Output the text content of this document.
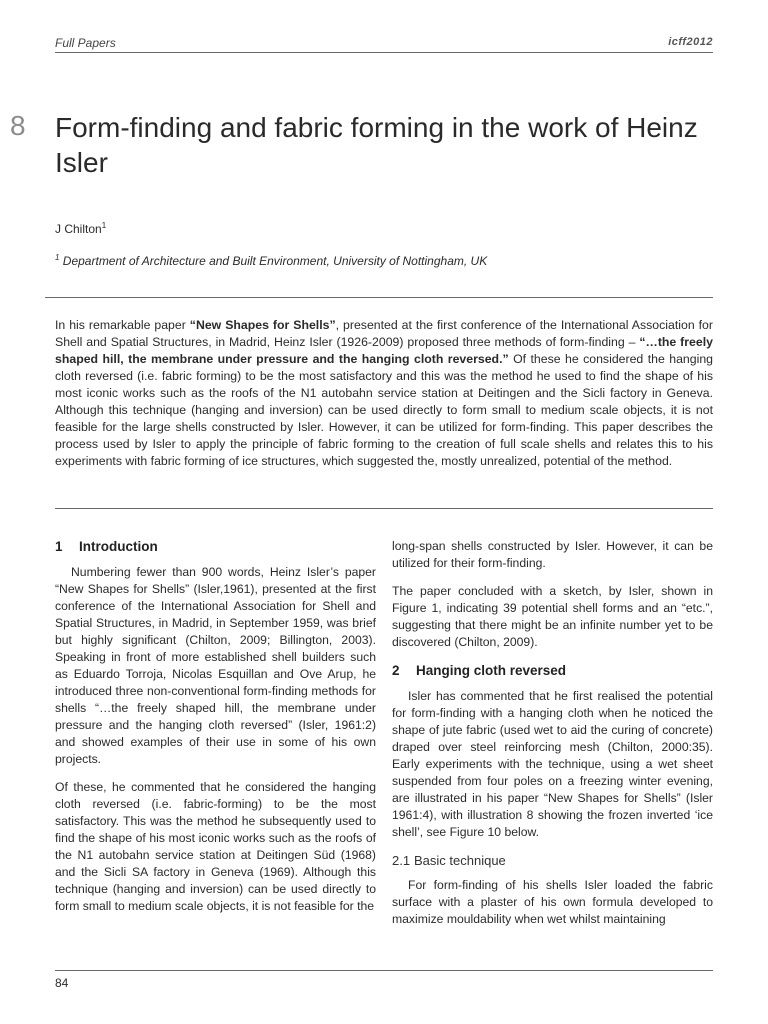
Full Papers	icff2012
8 Form-finding and fabric forming in the work of Heinz Isler
J Chilton$^1$
$^1$ Department of Architecture and Built Environment, University of Nottingham, UK

In his remarkable paper “New Shapes for Shells”, presented at the first conference of the International Association for Shell and Spatial Structures, in Madrid, Heinz Isler (1926-2009) proposed three methods of form-finding – “…the freely shaped hill, the membrane under pressure and the hanging cloth reversed.” Of these he considered the hanging cloth reversed (i.e. fabric forming) to be the most satisfactory and this was the method he used to find the shape of his most iconic works such as the roofs of the N1 autobahn service station at Deitingen and the Sicli factory in Geneva. Although this technique (hanging and inversion) can be used directly to form small to medium scale objects, it is not feasible for the large shells constructed by Isler. However, it can be utilized for form-finding. This paper describes the process used by Isler to apply the principle of fabric forming to the creation of full scale shells and relates this to his experiments with fabric forming of ice structures, which suggested the, mostly unrealized, potential of the method.

1 Introduction

Numbering fewer than 900 words, Heinz Isler’s paper “New Shapes for Shells” (Isler,1961), presented at the first conference of the International Association for Shell and Spatial Structures, in Madrid, in September 1959, was brief but highly significant (Chilton, 2009; Billington, 2003). Speaking in front of more established shell builders such as Eduardo Torroja, Nicolas Esquillan and Ove Arup, he introduced three non-conventional form-finding methods for shells “…the freely shaped hill, the membrane under pressure and the hanging cloth reversed” (Isler, 1961:2) and showed examples of their use in some of his own projects.

Of these, he commented that he considered the hanging cloth reversed (i.e. fabric-forming) to be the most satisfactory. This was the method he subsequently used to find the shape of his most iconic works such as the roofs of the N1 autobahn service station at Deitingen Süd (1968) and the Sicli SA factory in Geneva (1969). Although this technique (hanging and inversion) can be used directly to form small to medium scale objects, it is not feasible for the

long-span shells constructed by Isler. However, it can be utilized for their form-finding.

The paper concluded with a sketch, by Isler, shown in Figure 1, indicating 39 potential shell forms and an “etc.”, suggesting that there might be an infinite number yet to be discovered (Chilton, 2009).

2 Hanging cloth reversed

Isler has commented that he first realised the potential for form-finding with a hanging cloth when he noticed the shape of jute fabric (used wet to aid the curing of concrete) draped over steel reinforcing mesh (Chilton, 2000:35). Early experiments with the technique, using a wet sheet suspended from four poles on a freezing winter evening, are illustrated in his paper “New Shapes for Shells” (Isler 1961:4), with illustration 8 showing the frozen inverted ‘ice shell’, see Figure 10 below.

2.1 Basic technique

For form-finding of his shells Isler loaded the fabric surface with a plaster of his own formula developed to maximize mouldability when wet whilst maintaining

84
